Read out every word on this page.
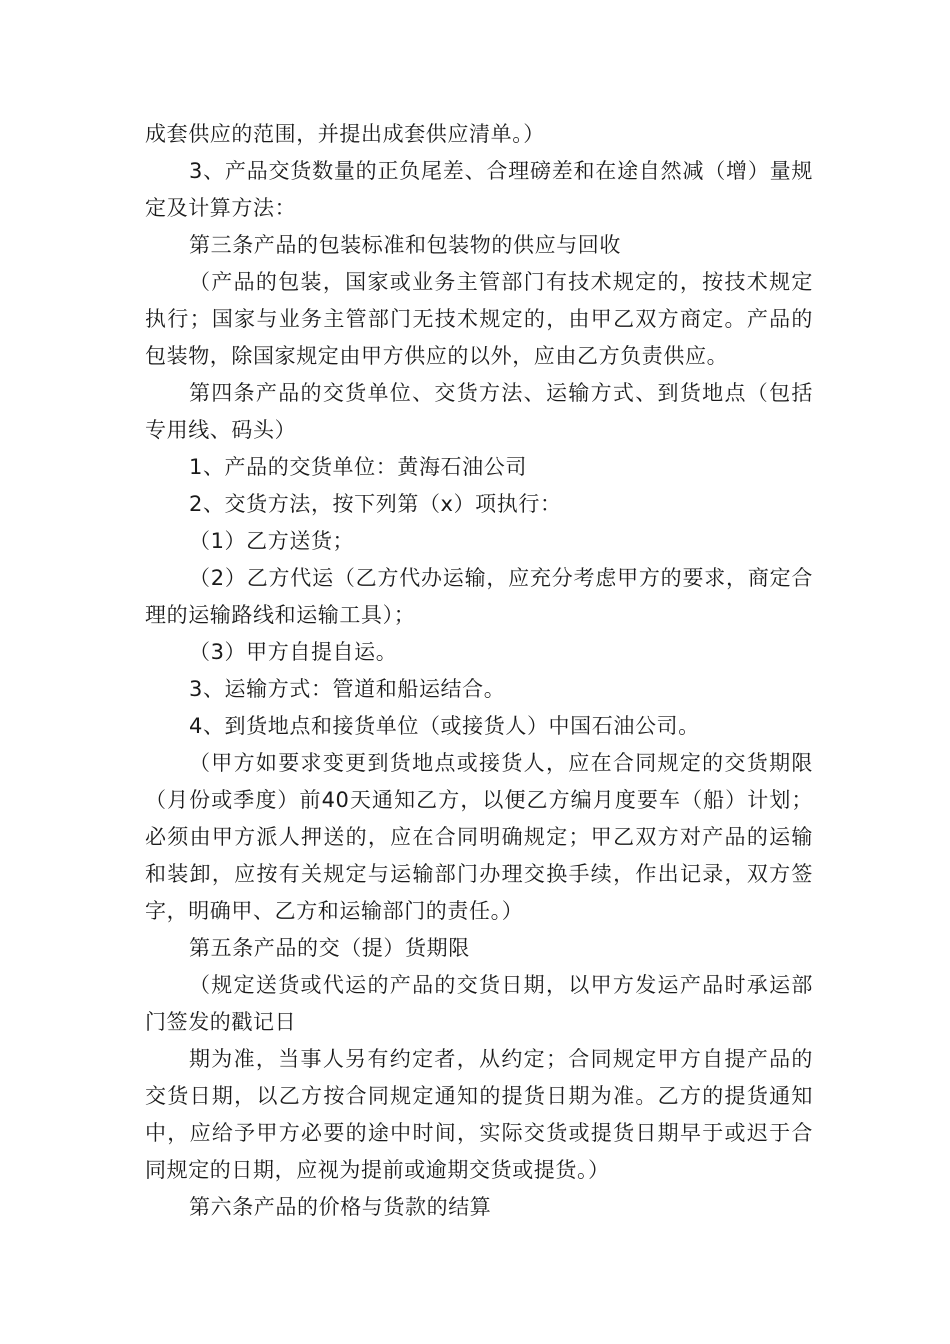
成套供应的范围，并提出成套供应清单。）

3、产品交货数量的正负尾差、合理磅差和在途自然减（增）量规定及计算方法：

第三条产品的包装标准和包装物的供应与回收

（产品的包装，国家或业务主管部门有技术规定的，按技术规定执行；国家与业务主管部门无技术规定的，由甲乙双方商定。产品的包装物，除国家规定由甲方供应的以外，应由乙方负责供应。

第四条产品的交货单位、交货方法、运输方式、到货地点（包括专用线、码头）

1、产品的交货单位：黄海石油公司

2、交货方法，按下列第（x）项执行：

（1）乙方送货；

（2）乙方代运（乙方代办运输，应充分考虑甲方的要求，商定合理的运输路线和运输工具）；

（3）甲方自提自运。

3、运输方式：管道和船运结合。

4、到货地点和接货单位（或接货人）中国石油公司。

（甲方如要求变更到货地点或接货人，应在合同规定的交货期限（月份或季度）前40天通知乙方，以便乙方编月度要车（船）计划；必须由甲方派人押送的，应在合同明确规定；甲乙双方对产品的运输和装卸，应按有关规定与运输部门办理交换手续，作出记录，双方签字，明确甲、乙方和运输部门的责任。）

第五条产品的交（提）货期限

（规定送货或代运的产品的交货日期，以甲方发运产品时承运部门签发的戳记日

期为准，当事人另有约定者，从约定；合同规定甲方自提产品的交货日期，以乙方按合同规定通知的提货日期为准。乙方的提货通知中，应给予甲方必要的途中时间，实际交货或提货日期早于或迟于合同规定的日期，应视为提前或逾期交货或提货。）

第六条产品的价格与货款的结算
